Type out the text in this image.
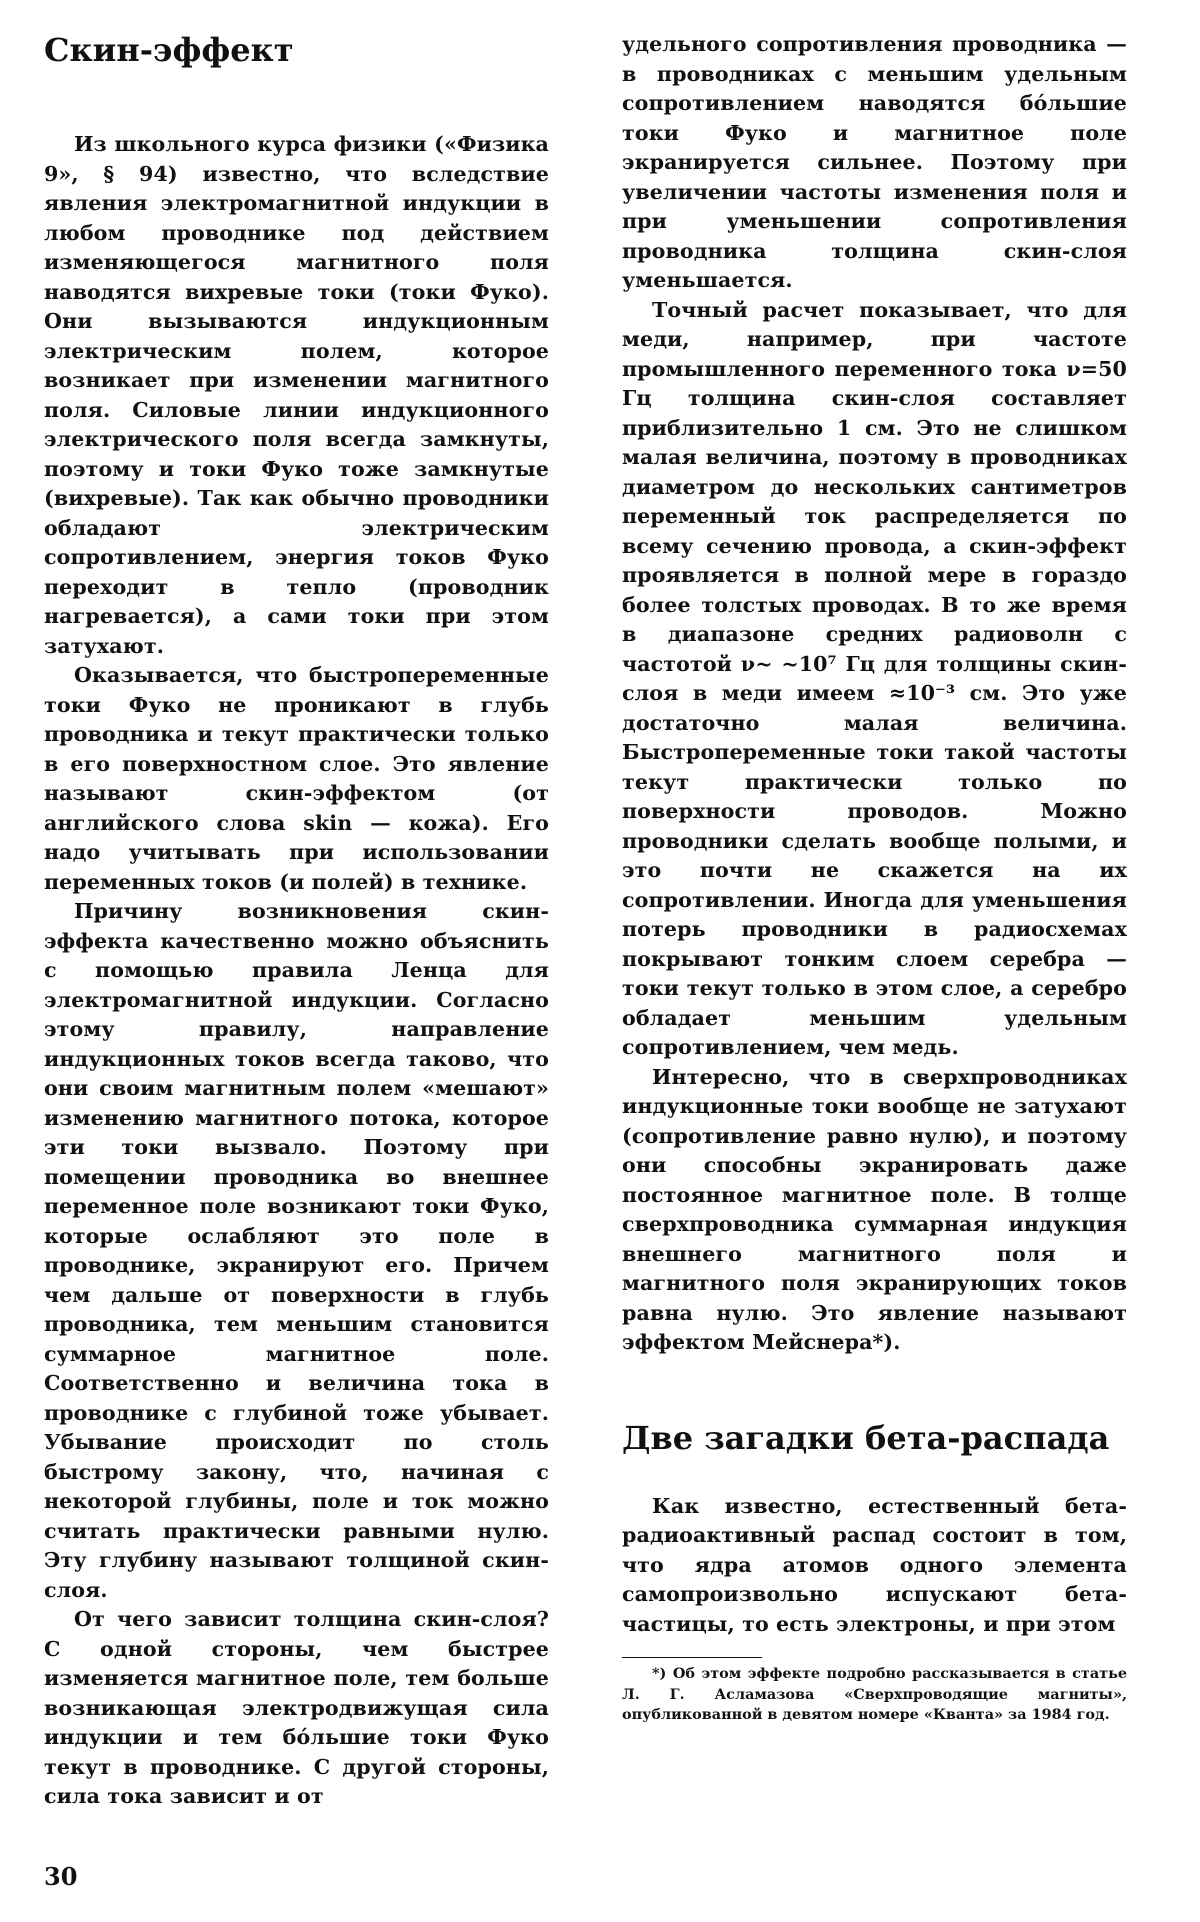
Скин-эффект

Из школьного курса физики («Физика 9», § 94) известно, что вследствие явления электромагнитной индукции в любом проводнике под действием изменяющегося магнитного поля наводятся вихревые токи (токи Фуко). Они вызываются индукционным электрическим полем, которое возникает при изменении магнитного поля. Силовые линии индукционного электрического поля всегда замкнуты, поэтому и токи Фуко тоже замкнутые (вихревые). Так как обычно проводники обладают электрическим сопротивлением, энергия токов Фуко переходит в тепло (проводник нагревается), а сами токи при этом затухают.

Оказывается, что быстропеременные токи Фуко не проникают в глубь проводника и текут практически только в его поверхностном слое. Это явление называют скин-эффектом (от английского слова skin — кожа). Его надо учитывать при использовании переменных токов (и полей) в технике.

Причину возникновения скин-эффекта качественно можно объяснить с помощью правила Ленца для электромагнитной индукции. Согласно этому правилу, направление индукционных токов всегда таково, что они своим магнитным полем «мешают» изменению магнитного потока, которое эти токи вызвало. Поэтому при помещении проводника во внешнее переменное поле возникают токи Фуко, которые ослабляют это поле в проводнике, экранируют его. Причем чем дальше от поверхности в глубь проводника, тем меньшим становится суммарное магнитное поле. Соответственно и величина тока в проводнике с глубиной тоже убывает. Убывание происходит по столь быстрому закону, что, начиная с некоторой глубины, поле и ток можно считать практически равными нулю. Эту глубину называют толщиной скин-слоя.

От чего зависит толщина скин-слоя? С одной стороны, чем быстрее изменяется магнитное поле, тем больше возникающая электродвижущая сила индукции и тем бо́льшие токи Фуко текут в проводнике. С другой стороны, сила тока зависит и от

удельного сопротивления проводника — в проводниках с меньшим удельным сопротивлением наводятся бо́льшие токи Фуко и магнитное поле экранируется сильнее. Поэтому при увеличении частоты изменения поля и при уменьшении сопротивления проводника толщина скин-слоя уменьшается.

Точный расчет показывает, что для меди, например, при частоте промышленного переменного тока ν=50 Гц толщина скин-слоя составляет приблизительно 1 см. Это не слишком малая величина, поэтому в проводниках диаметром до нескольких сантиметров переменный ток распределяется по всему сечению провода, а скин-эффект проявляется в полной мере в гораздо более толстых проводах. В то же время в диапазоне средних радиоволн с частотой ν~ ~10⁷ Гц для толщины скин-слоя в меди имеем ≈10⁻³ см. Это уже достаточно малая величина. Быстропеременные токи такой частоты текут практически только по поверхности проводов. Можно проводники сделать вообще полыми, и это почти не скажется на их сопротивлении. Иногда для уменьшения потерь проводники в радиосхемах покрывают тонким слоем серебра — токи текут только в этом слое, а серебро обладает меньшим удельным сопротивлением, чем медь.

Интересно, что в сверхпроводниках индукционные токи вообще не затухают (сопротивление равно нулю), и поэтому они способны экранировать даже постоянное магнитное поле. В толще сверхпроводника суммарная индукция внешнего магнитного поля и магнитного поля экранирующих токов равна нулю. Это явление называют эффектом Мейснера*).

Две загадки бета-распада

Как известно, естественный бета-радиоактивный распад состоит в том, что ядра атомов одного элемента самопроизвольно испускают бета-частицы, то есть электроны, и при этом

*) Об этом эффекте подробно рассказывается в статье Л. Г. Асламазова «Сверхпроводящие магниты», опубликованной в девятом номере «Кванта» за 1984 год.
30
